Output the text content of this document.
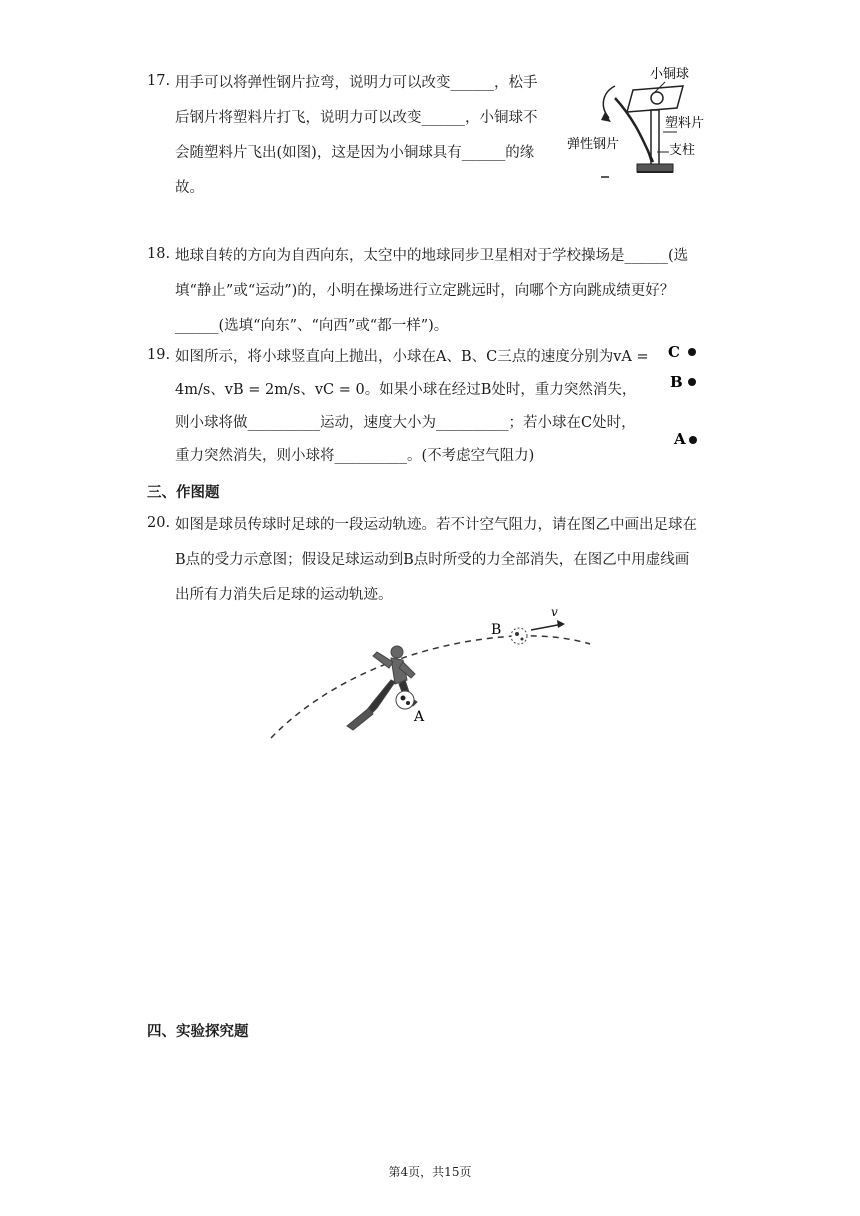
17. 用手可以将弹性钢片拉弯，说明力可以改变______，松手
后钢片将塑料片打飞，说明力可以改变______，小铜球不
会随塑料片飞出(如图)，这是因为小铜球具有______的缘
故。
小铜球
塑料片
弹性钢片	支柱
18. 地球自转的方向为自西向东，太空中的地球同步卫星相对于学校操场是______(选
填“静止”或“运动”)的，小明在操场进行立定跳远时，向哪个方向跳成绩更好？
______(选填“向东”、“向西”或“都一样”)。
19. 如图所示，将小球竖直向上抛出，小球在A、B、C三点的速度分别为vA =
4m/s、vB = 2m/s、vC = 0。如果小球在经过B处时，重力突然消失，
则小球将做__________运动，速度大小为__________；若小球在C处时，
重力突然消失，则小球将__________。(不考虑空气阻力)
C
B
A
三、作图题
20. 如图是球员传球时足球的一段运动轨迹。若不计空气阻力，请在图乙中画出足球在
B点的受力示意图；假设足球运动到B点时所受的力全部消失，在图乙中用虚线画
出所有力消失后足球的运动轨迹。
B
v
A
四、实验探究题
第4页，共15页
